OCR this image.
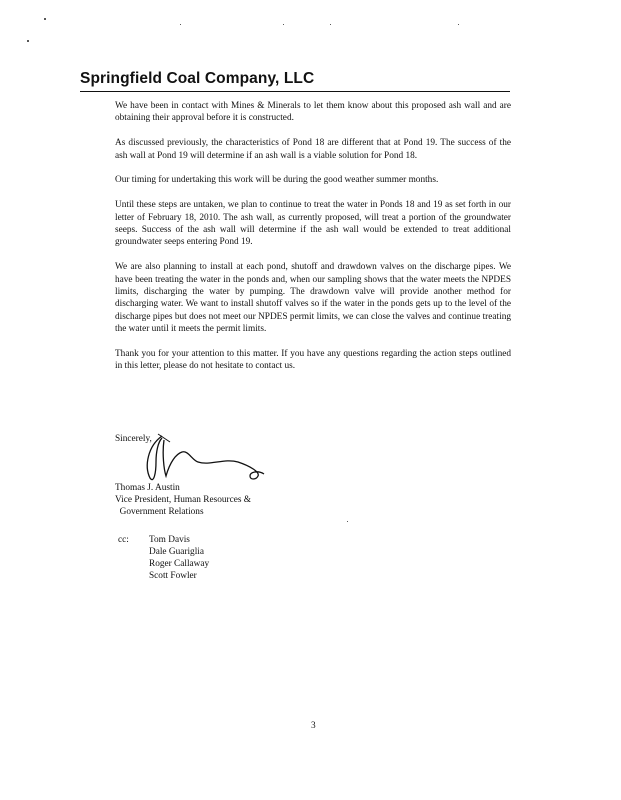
Springfield Coal Company, LLC

We have been in contact with Mines & Minerals to let them know about this proposed ash wall and are obtaining their approval before it is constructed.

As discussed previously, the characteristics of Pond 18 are different that at Pond 19. The success of the ash wall at Pond 19 will determine if an ash wall is a viable solution for Pond 18.

Our timing for undertaking this work will be during the good weather summer months.

Until these steps are untaken, we plan to continue to treat the water in Ponds 18 and 19 as set forth in our letter of February 18, 2010. The ash wall, as currently proposed, will treat a portion of the groundwater seeps. Success of the ash wall will determine if the ash wall would be extended to treat additional groundwater seeps entering Pond 19.

We are also planning to install at each pond, shutoff and drawdown valves on the discharge pipes. We have been treating the water in the ponds and, when our sampling shows that the water meets the NPDES limits, discharging the water by pumping. The drawdown valve will provide another method for discharging water. We want to install shutoff valves so if the water in the ponds gets up to the level of the discharge pipes but does not meet our NPDES permit limits, we can close the valves and continue treating the water until it meets the permit limits.

Thank you for your attention to this matter. If you have any questions regarding the action steps outlined in this letter, please do not hesitate to contact us.

Sincerely,
Thomas J. Austin
Vice President, Human Resources &
Government Relations
cc: Tom Davis
Dale Guariglia
Roger Callaway
Scott Fowler
3
